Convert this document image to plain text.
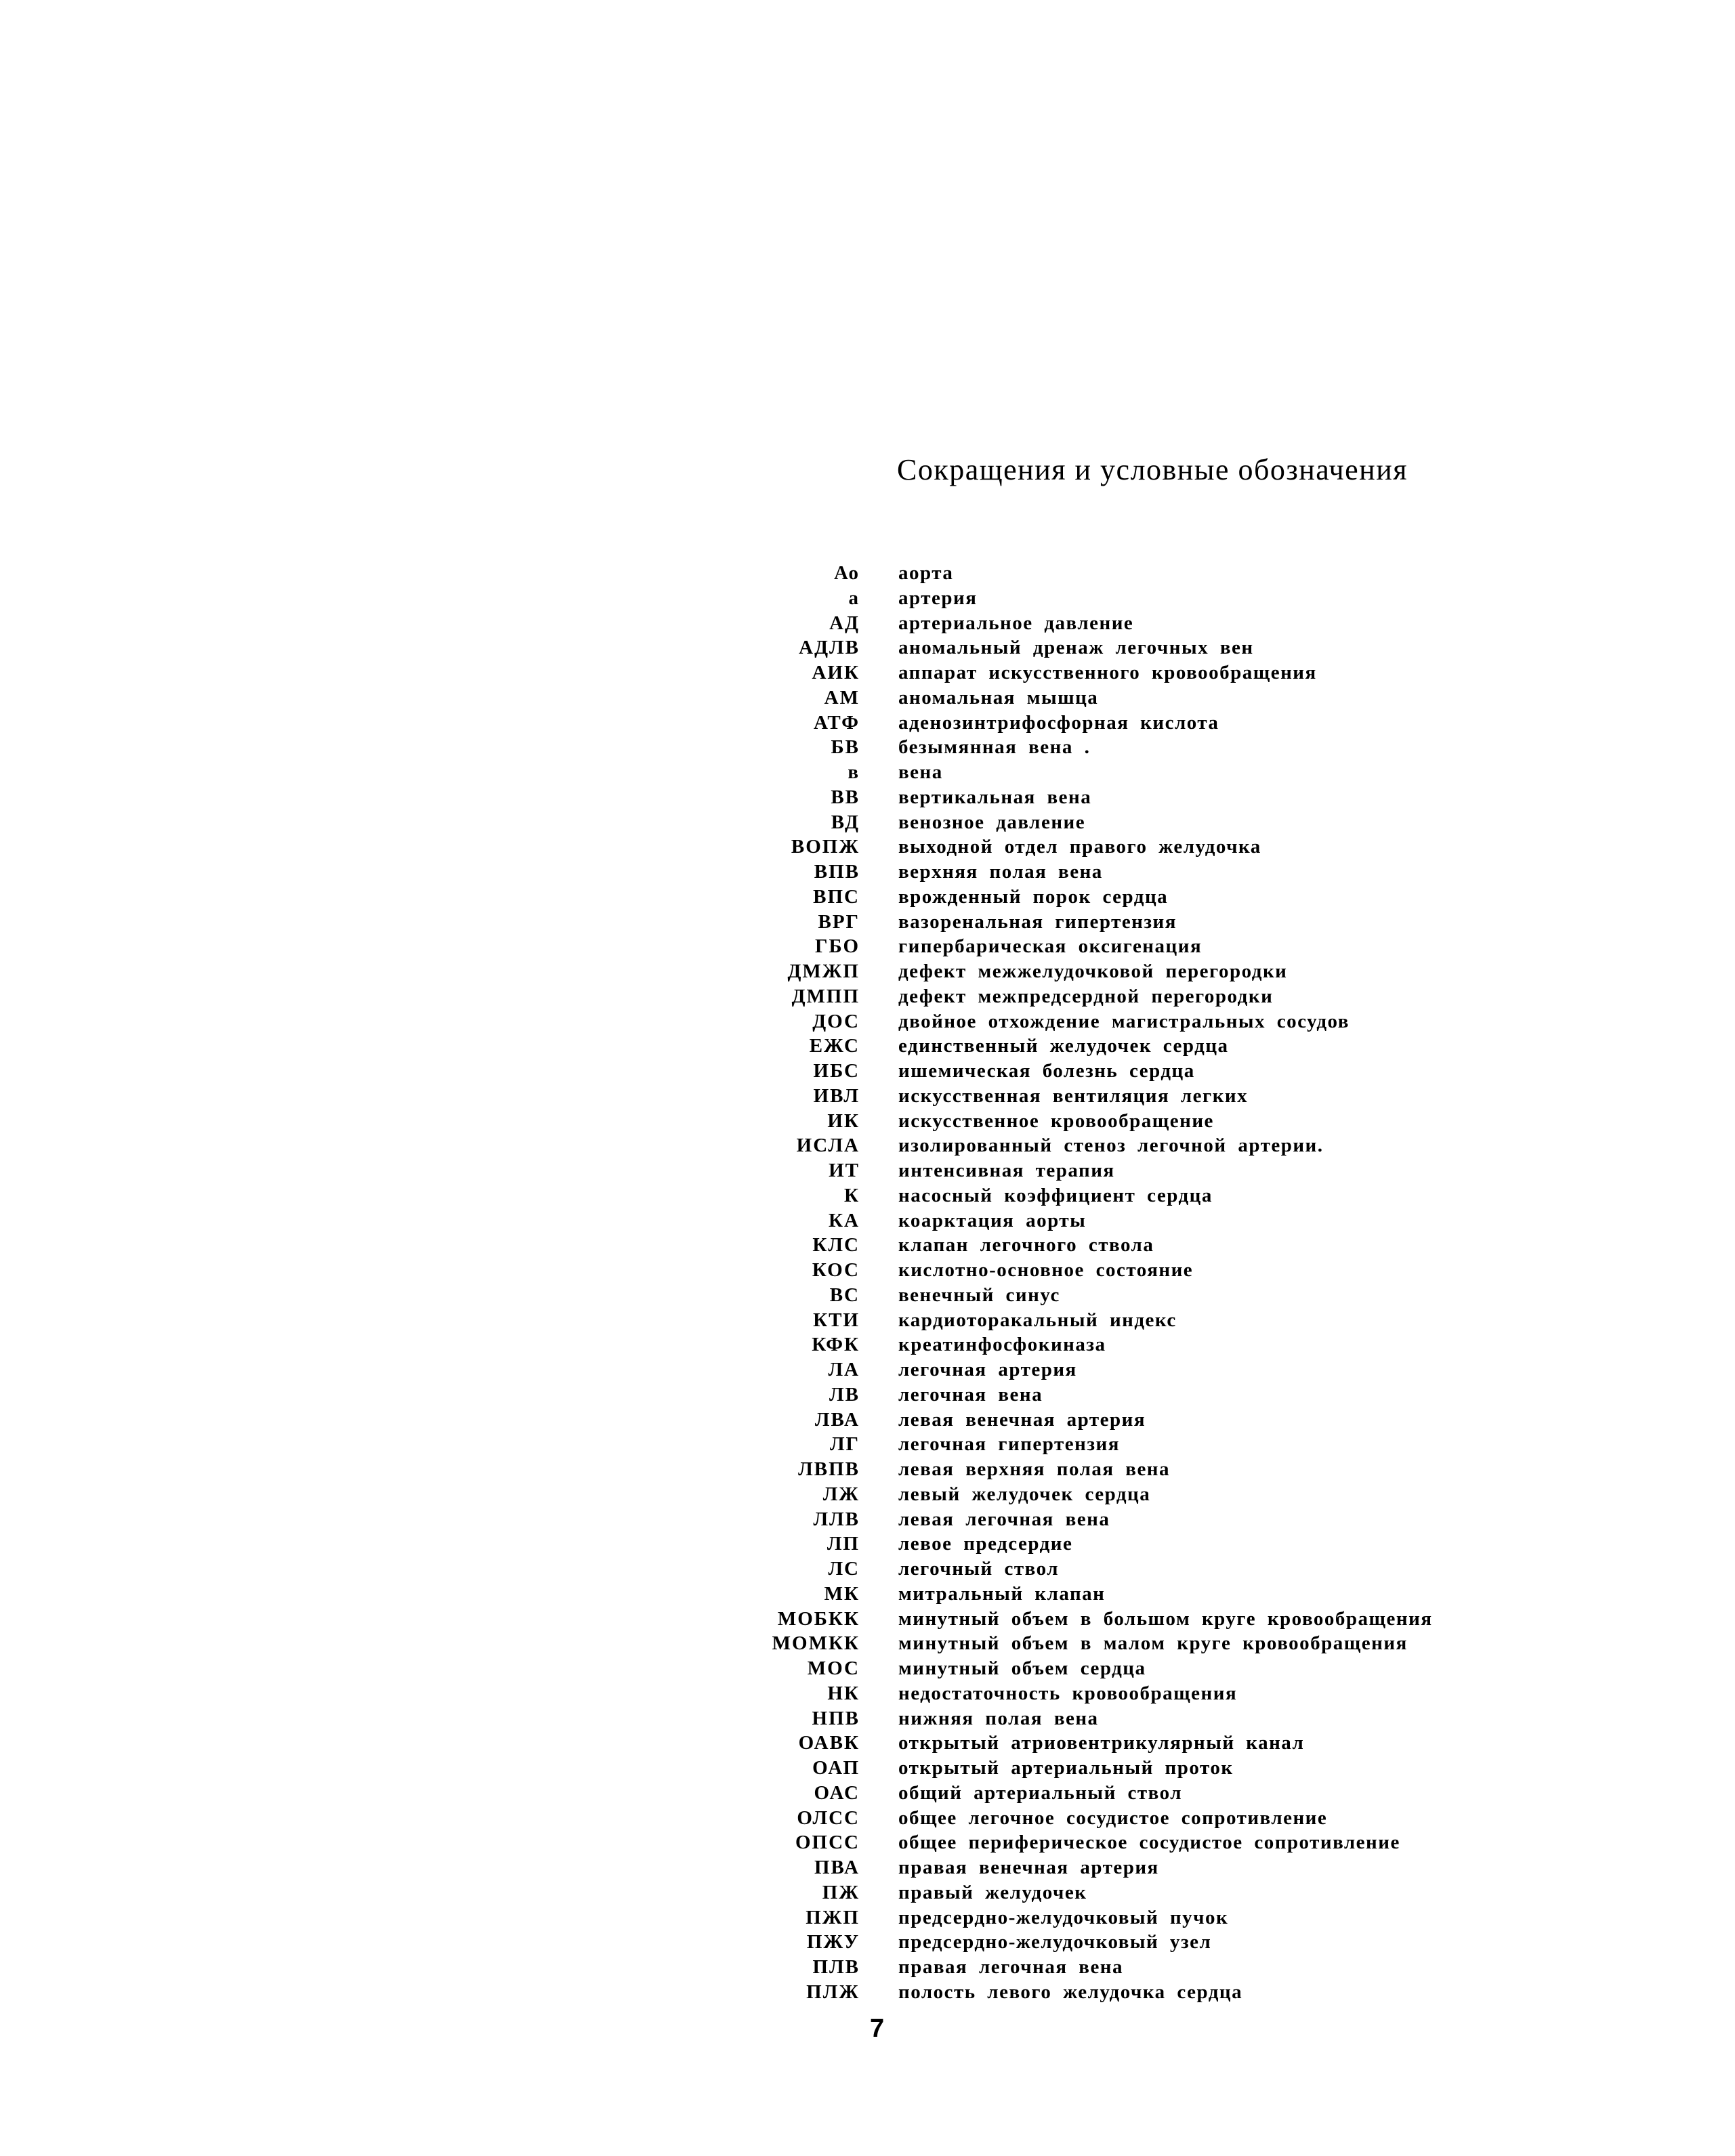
Сокращения и условные обозначения
Ао аорта
а артерия
АД артериальное давление
АДЛВ аномальный дренаж легочных вен
АИК аппарат искусственного кровообращения
АМ аномальная мышца
АТФ аденозинтрифосфорная кислота
БВ безымянная вена .
в вена
ВВ вертикальная вена
ВД венозное давление
ВОПЖ выходной отдел правого желудочка
ВПВ верхняя полая вена
ВПС врожденный порок сердца
ВРГ вазоренальная гипертензия
ГБО гипербарическая оксигенация
ДМЖП дефект межжелудочковой перегородки
ДМПП дефект межпредсердной перегородки
ДОС двойное отхождение магистральных сосудов
ЕЖС единственный желудочек сердца
ИБС ишемическая болезнь сердца
ИВЛ искусственная вентиляция легких
ИК искусственное кровообращение
ИСЛА изолированный стеноз легочной артерии.
ИТ интенсивная терапия
К насосный коэффициент сердца
КА коарктация аорты
КЛС клапан легочного ствола
КОС кислотно-основное состояние
ВС венечный синус
КТИ кардиоторакальный индекс
КФК креатинфосфокиназа
ЛА легочная артерия
ЛВ легочная вена
ЛВА левая венечная артерия
ЛГ легочная гипертензия
ЛВПВ левая верхняя полая вена
ЛЖ левый желудочек сердца
ЛЛВ левая легочная вена
ЛП левое предсердие
ЛС легочный ствол
МК митральный клапан
МОБКК минутный объем в большом круге кровообращения
МОМКК минутный объем в малом круге кровообращения
МОС минутный объем сердца
НК недостаточность кровообращения
НПВ нижняя полая вена
ОАВК открытый атриовентрикулярный канал
ОАП открытый артериальный проток
ОАС общий артериальный ствол
ОЛСС общее легочное сосудистое сопротивление
ОПСС общее периферическое сосудистое сопротивление
ПВА правая венечная артерия
ПЖ правый желудочек
ПЖП предсердно-желудочковый пучок
ПЖУ предсердно-желудочковый узел
ПЛВ правая легочная вена
ПЛЖ полость левого желудочка сердца
7
